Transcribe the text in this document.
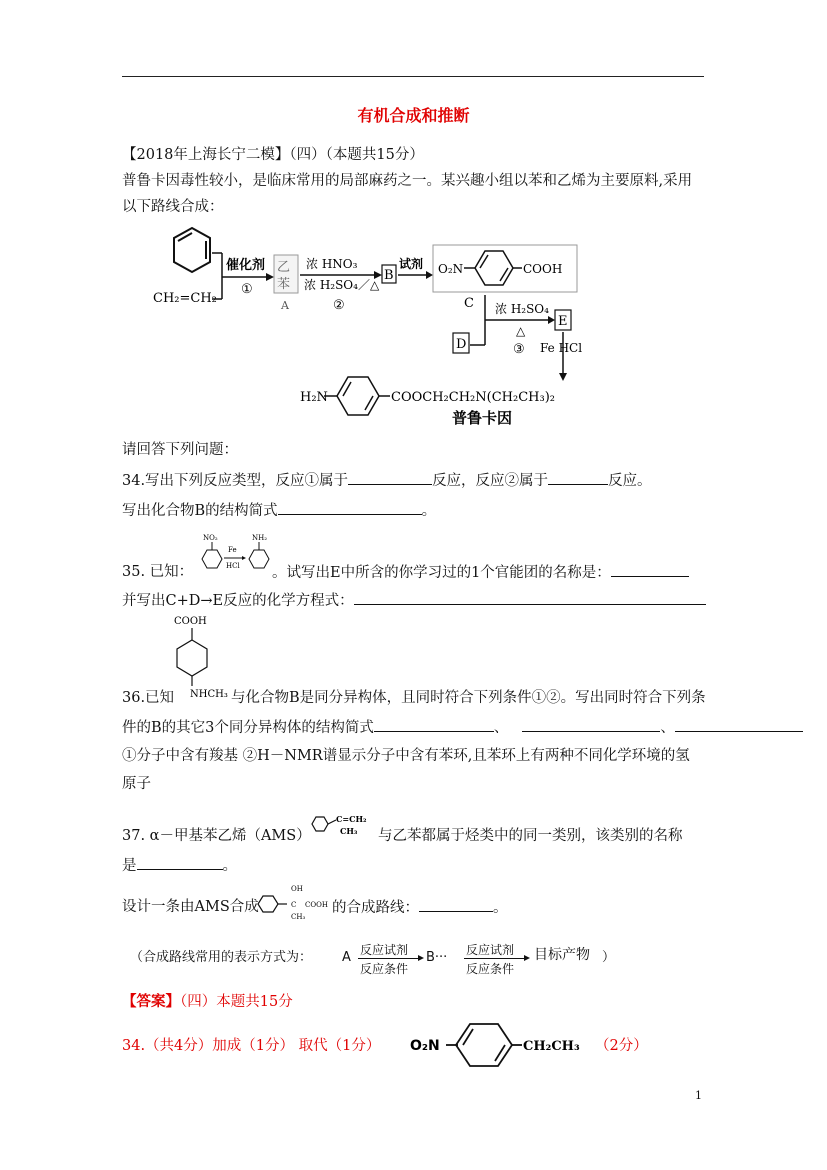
有机合成和推断
【2018年上海长宁二模】（四）（本题共15分）
普鲁卡因毒性较小，是临床常用的局部麻药之一。某兴趣小组以苯和乙烯为主要原料,采用
以下路线合成：
CH₂=CH₂
催化剂
①
乙
苯
A
浓 HNO₃
浓 H₂SO₄／△
②
B
试剂 O₂N	COOH
C
D
浓 H₂SO₄
△
③
E
Fe HCl
H₂N	COOCH₂CH₂N(CH₂CH₃)₂
普鲁卡因
请回答下列问题：
34.写出下列反应类型，反应①属于	反应，反应②属于	反应。
写出化合物B的结构简式	。
35. 已知：
NO₂
Fe
HCl
NH₂
。试写出E中所含的你学习过的1个官能团的名称是：
并写出C+D→E反应的化学方程式：
COOH
NHCH₃
36.已知	与化合物B是同分异构体，且同时符合下列条件①②。写出同时符合下列条
件的B的其它3个同分异构体的结构简式	、	、
①分子中含有羧基 ②H－NMR谱显示分子中含有苯环,且苯环上有两种不同化学环境的氢
原子
37. α－甲基苯乙烯（AMS）
C=CH₂
CH₃ 与乙苯都属于烃类中的同一类别，该类别的名称
是	。
设计一条由AMS合成
OH
C COOH
CH₃
的合成路线：	。
（合成路线常用的表示方式为： A 反应试剂
反应条件
B··· 反应试剂
反应条件
目标产物 ）
【答案】（四）本题共15分
34.（共4分）加成（1分） 取代（1分） O₂N	CH₂CH₃ （2分）
1
